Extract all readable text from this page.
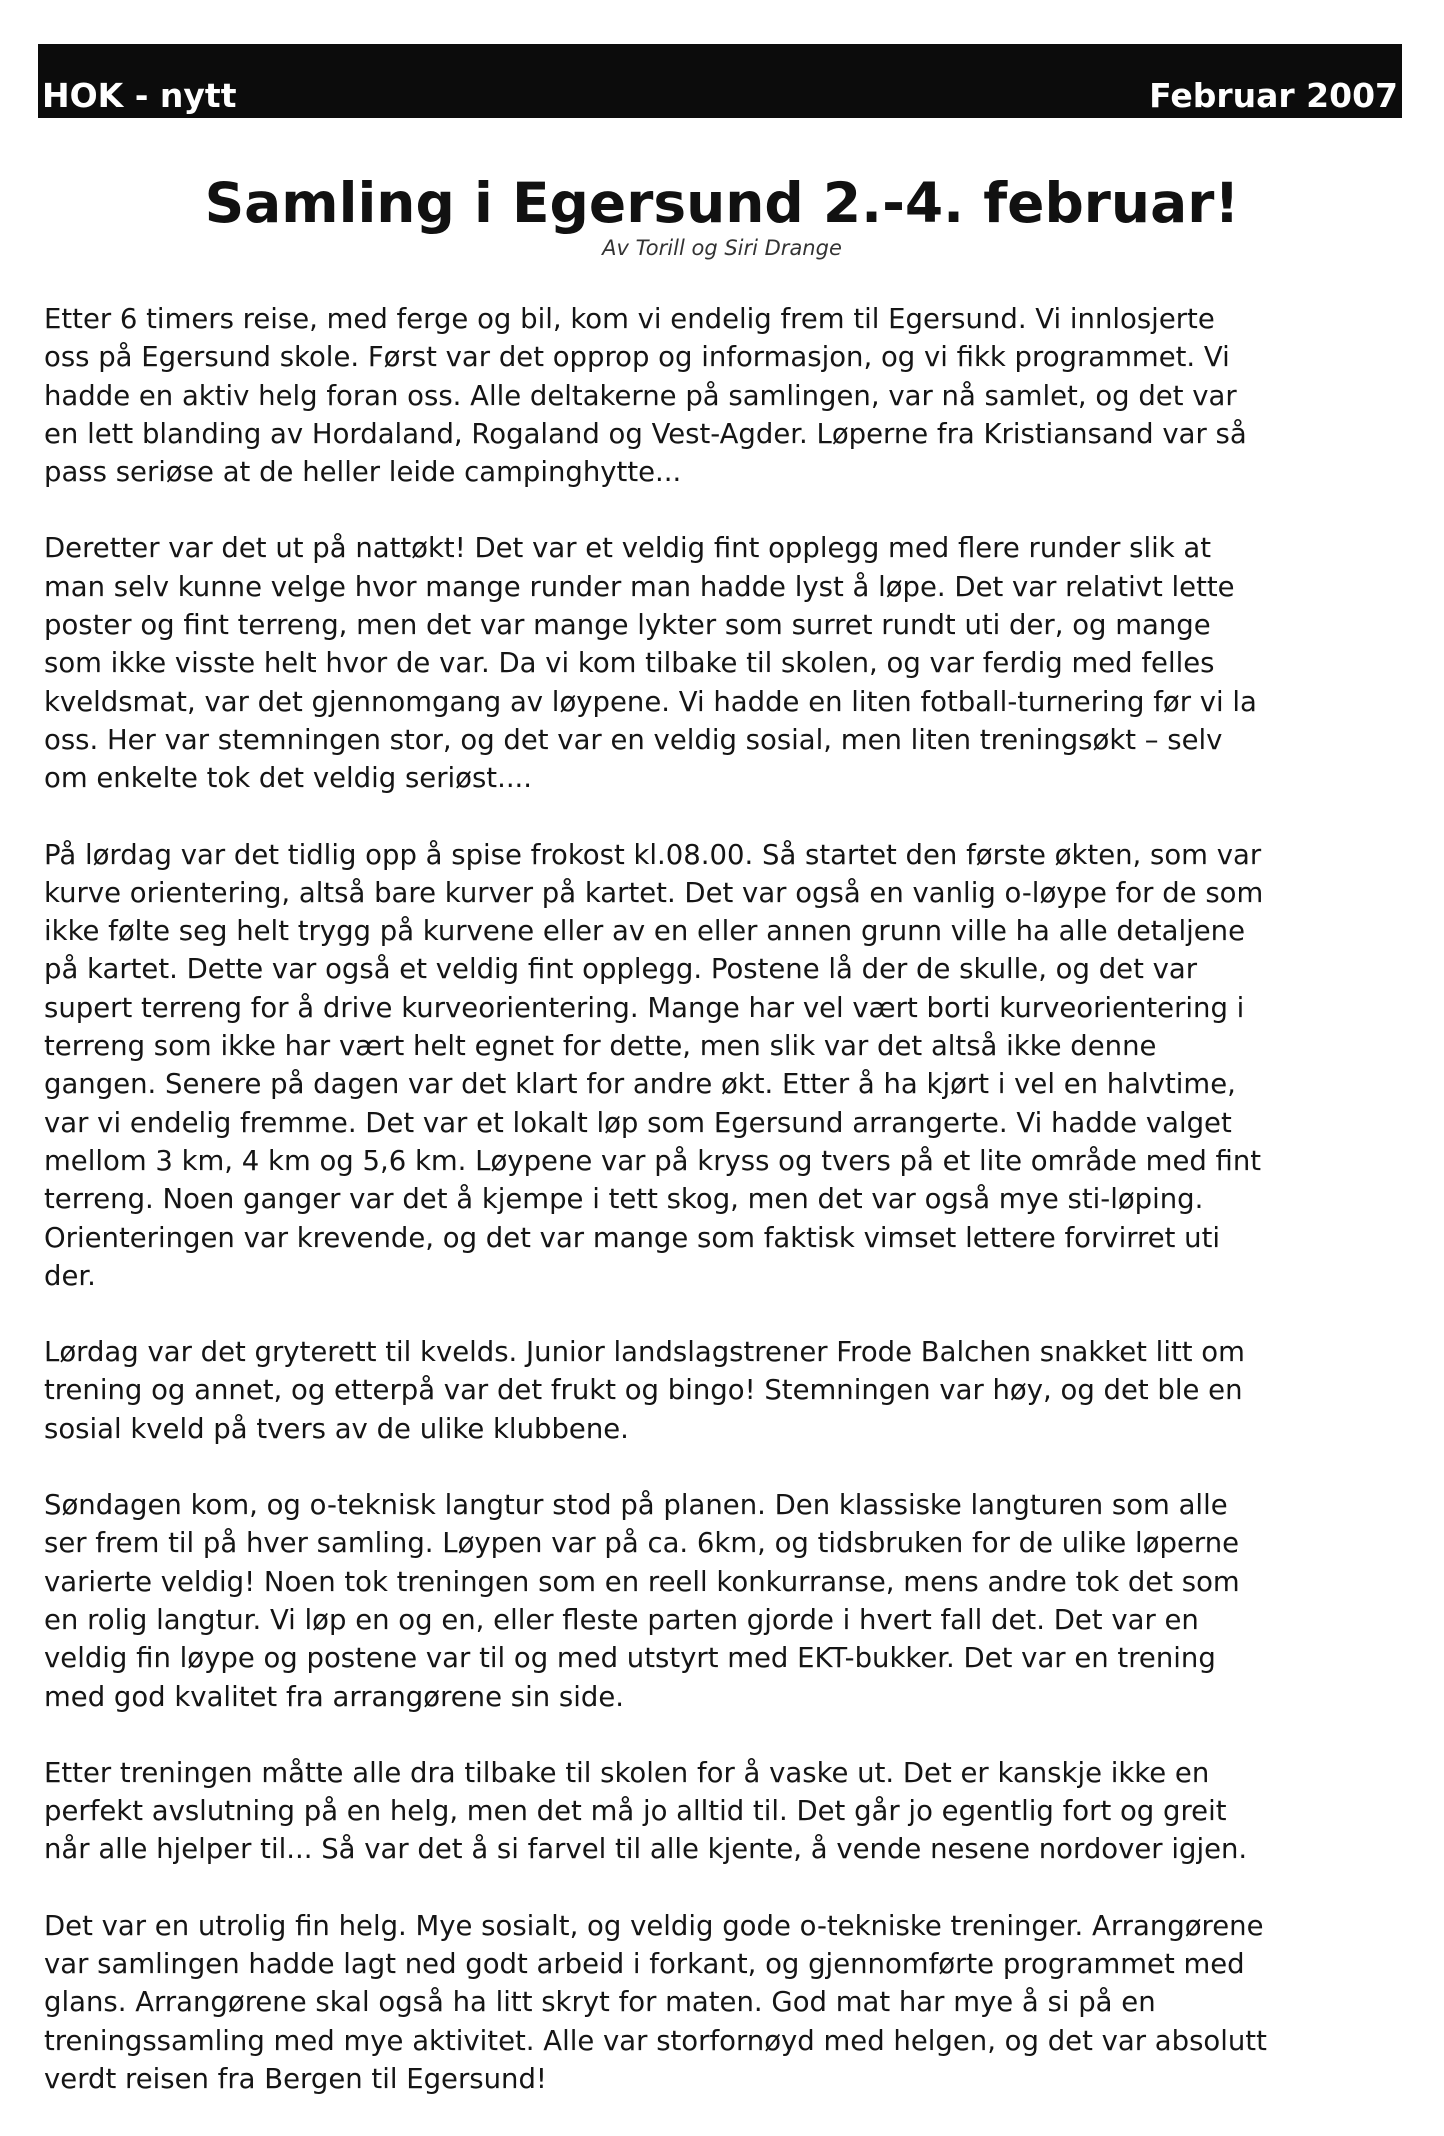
HOK - nytt	Februar 2007
Samling i Egersund 2.-4. februar!
Av Torill og Siri Drange

Etter 6 timers reise, med ferge og bil, kom vi endelig frem til Egersund. Vi innlosjerte
oss på Egersund skole. Først var det opprop og informasjon, og vi fikk programmet. Vi
hadde en aktiv helg foran oss. Alle deltakerne på samlingen, var nå samlet, og det var
en lett blanding av Hordaland, Rogaland og Vest-Agder. Løperne fra Kristiansand var så
pass seriøse at de heller leide campinghytte...

Deretter var det ut på nattøkt! Det var et veldig fint opplegg med flere runder slik at
man selv kunne velge hvor mange runder man hadde lyst å løpe. Det var relativt lette
poster og fint terreng, men det var mange lykter som surret rundt uti der, og mange
som ikke visste helt hvor de var. Da vi kom tilbake til skolen, og var ferdig med felles
kveldsmat, var det gjennomgang av løypene. Vi hadde en liten fotball-turnering før vi la
oss. Her var stemningen stor, og det var en veldig sosial, men liten treningsøkt – selv
om enkelte tok det veldig seriøst....

På lørdag var det tidlig opp å spise frokost kl.08.00. Så startet den første økten, som var
kurve orientering, altså bare kurver på kartet. Det var også en vanlig o-løype for de som
ikke følte seg helt trygg på kurvene eller av en eller annen grunn ville ha alle detaljene
på kartet. Dette var også et veldig fint opplegg. Postene lå der de skulle, og det var
supert terreng for å drive kurveorientering. Mange har vel vært borti kurveorientering i
terreng som ikke har vært helt egnet for dette, men slik var det altså ikke denne
gangen. Senere på dagen var det klart for andre økt. Etter å ha kjørt i vel en halvtime,
var vi endelig fremme. Det var et lokalt løp som Egersund arrangerte. Vi hadde valget
mellom 3 km, 4 km og 5,6 km. Løypene var på kryss og tvers på et lite område med fint
terreng. Noen ganger var det å kjempe i tett skog, men det var også mye sti-løping.
Orienteringen var krevende, og det var mange som faktisk vimset lettere forvirret uti
der.

Lørdag var det gryterett til kvelds. Junior landslagstrener Frode Balchen snakket litt om
trening og annet, og etterpå var det frukt og bingo! Stemningen var høy, og det ble en
sosial kveld på tvers av de ulike klubbene.

Søndagen kom, og o-teknisk langtur stod på planen. Den klassiske langturen som alle
ser frem til på hver samling. Løypen var på ca. 6km, og tidsbruken for de ulike løperne
varierte veldig! Noen tok treningen som en reell konkurranse, mens andre tok det som
en rolig langtur. Vi løp en og en, eller fleste parten gjorde i hvert fall det. Det var en
veldig fin løype og postene var til og med utstyrt med EKT-bukker. Det var en trening
med god kvalitet fra arrangørene sin side.

Etter treningen måtte alle dra tilbake til skolen for å vaske ut. Det er kanskje ikke en
perfekt avslutning på en helg, men det må jo alltid til. Det går jo egentlig fort og greit
når alle hjelper til... Så var det å si farvel til alle kjente, å vende nesene nordover igjen.

Det var en utrolig fin helg. Mye sosialt, og veldig gode o-tekniske treninger. Arrangørene
var samlingen hadde lagt ned godt arbeid i forkant, og gjennomførte programmet med
glans. Arrangørene skal også ha litt skryt for maten. God mat har mye å si på en
treningssamling med mye aktivitet. Alle var storfornøyd med helgen, og det var absolutt
verdt reisen fra Bergen til Egersund!
